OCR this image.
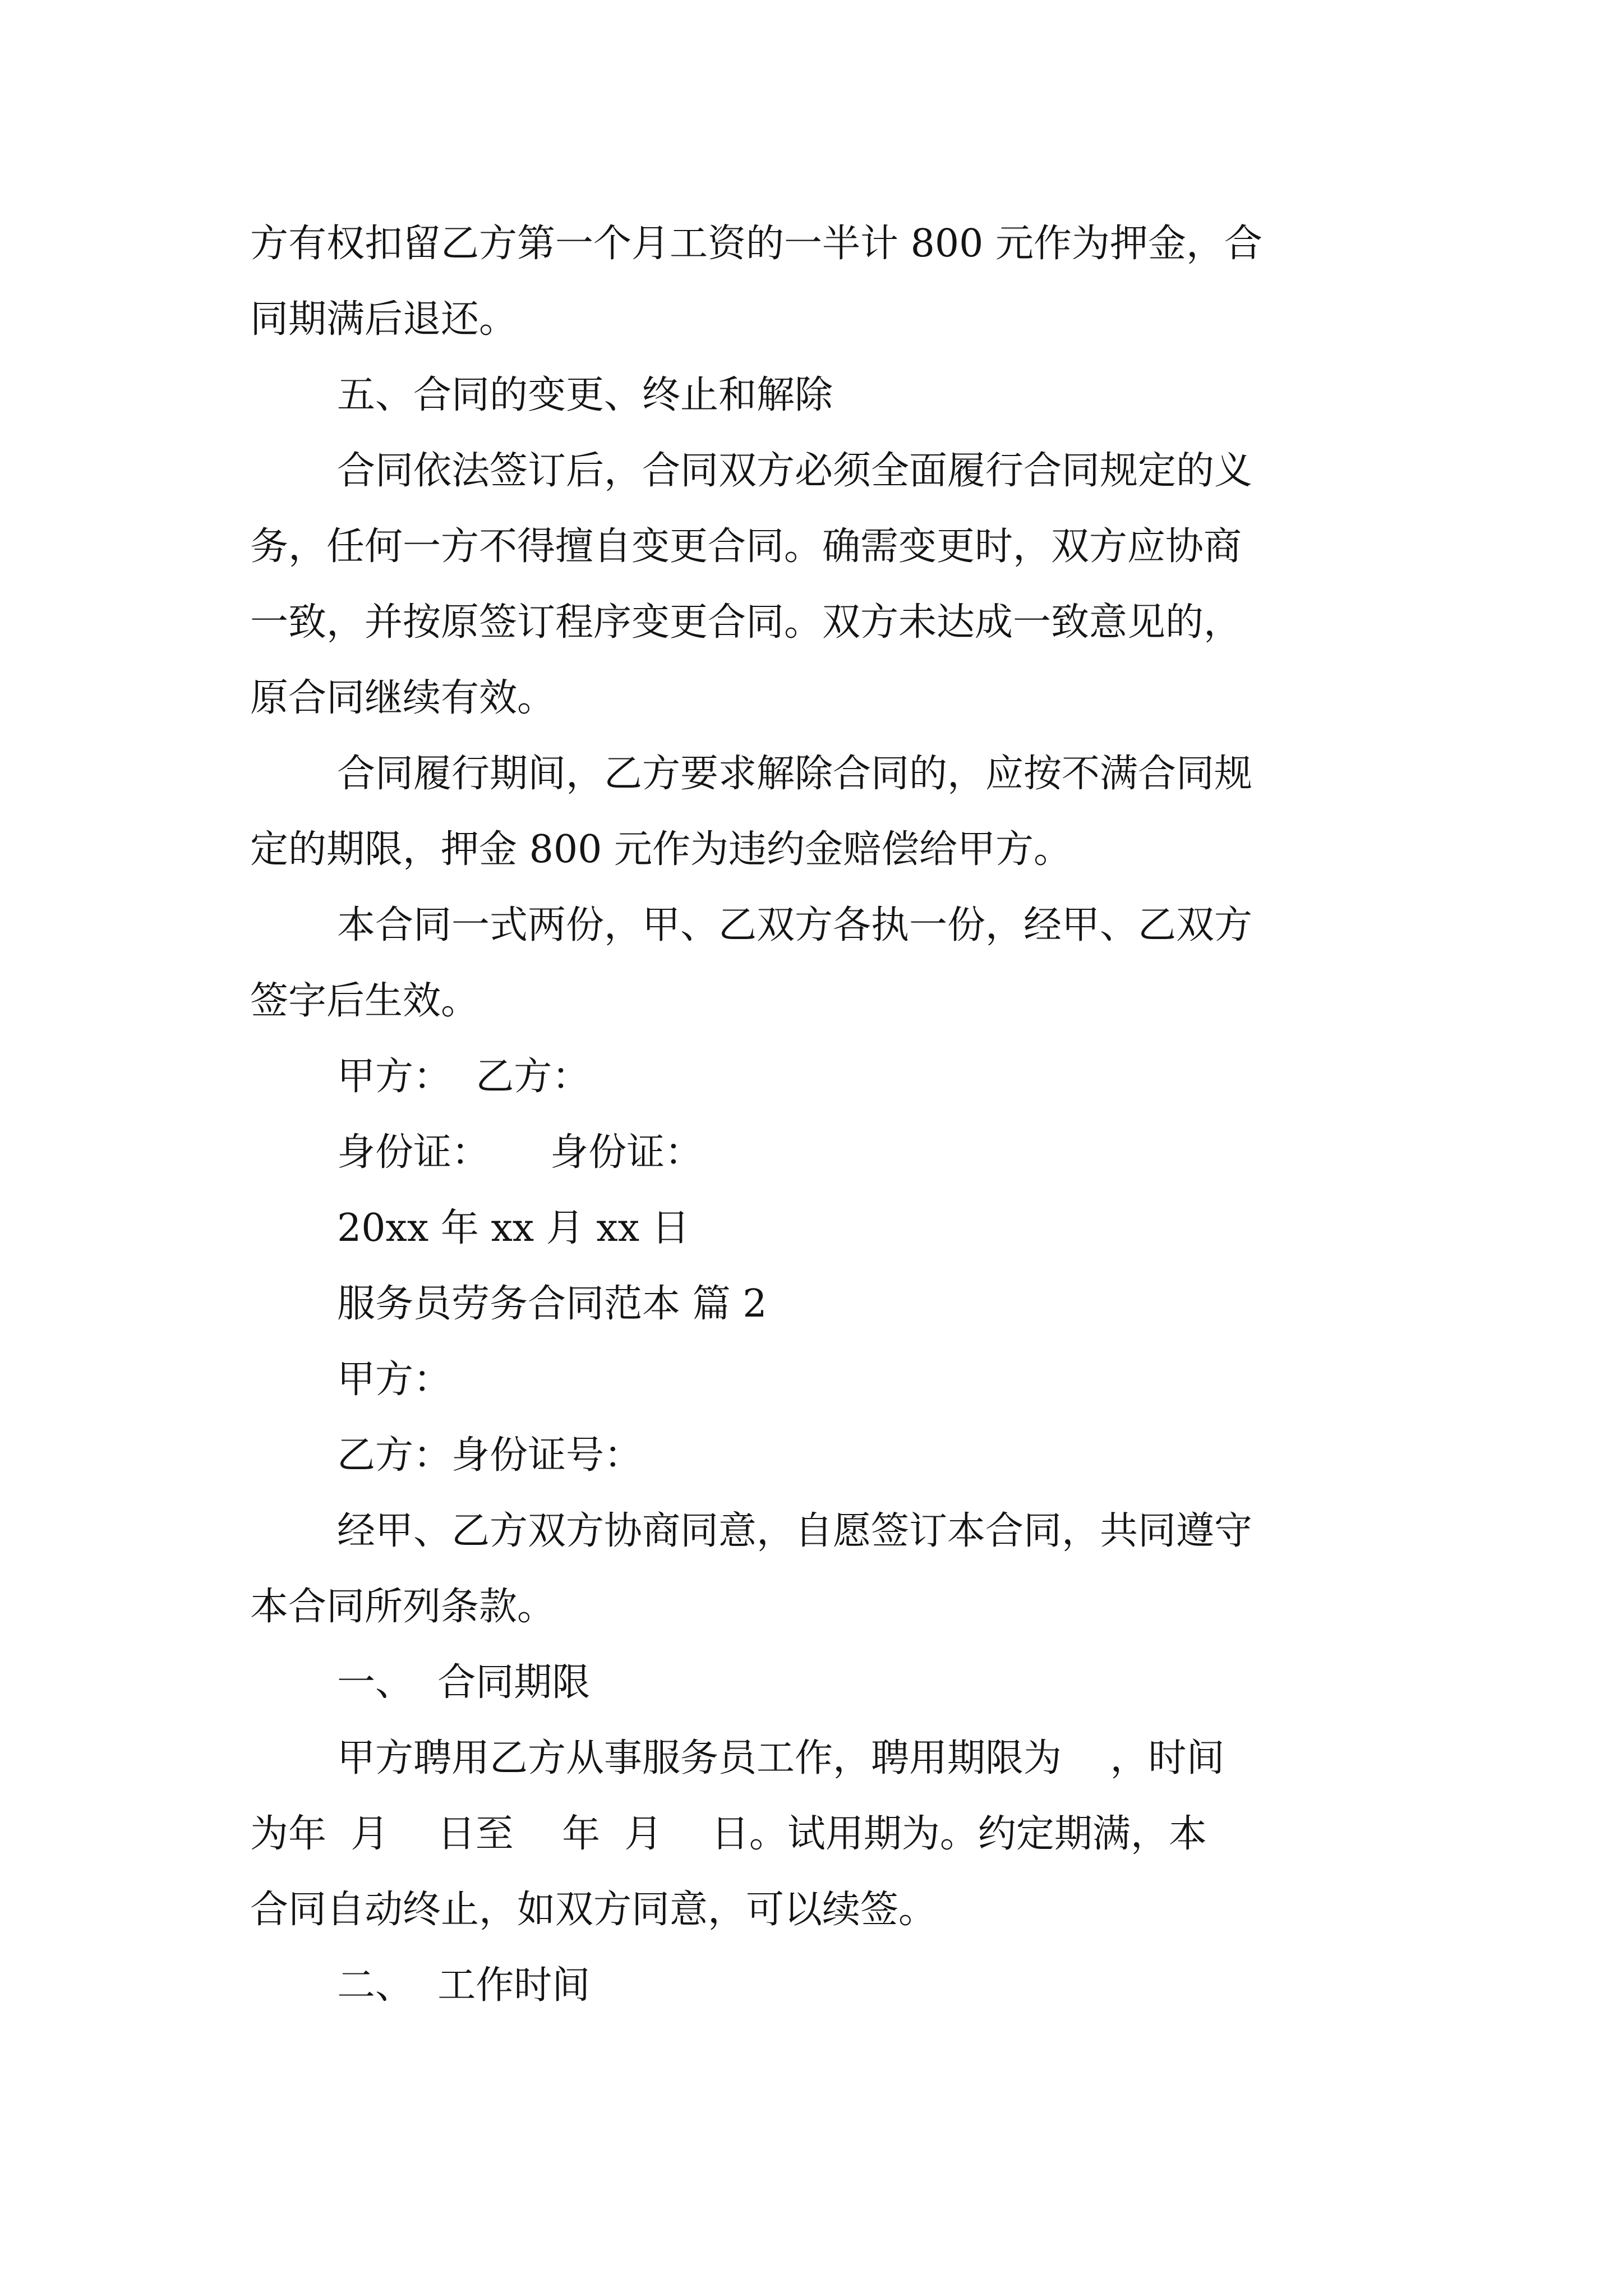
方有权扣留乙方第一个月工资的一半计 800 元作为押金，合

同期满后退还。

五、合同的变更、终止和解除

合同依法签订后，合同双方必须全面履行合同规定的义

务，任何一方不得擅自变更合同。确需变更时，双方应协商

一致，并按原签订程序变更合同。双方未达成一致意见的，

原合同继续有效。

合同履行期间，乙方要求解除合同的，应按不满合同规

定的期限，押金 800 元作为违约金赔偿给甲方。

本合同一式两份，甲、乙双方各执一份，经甲、乙双方

签字后生效。

甲方：  乙方：

身份证：     身份证：

20xx 年 xx 月 xx 日

服务员劳务合同范本 篇 2

甲方：

乙方：身份证号：

经甲、乙方双方协商同意，自愿签订本合同，共同遵守

本合同所列条款。

一、  合同期限

甲方聘用乙方从事服务员工作，聘用期限为    ，时间

为年  月    日至    年  月    日。试用期为。约定期满，本

合同自动终止，如双方同意，可以续签。

二、  工作时间
